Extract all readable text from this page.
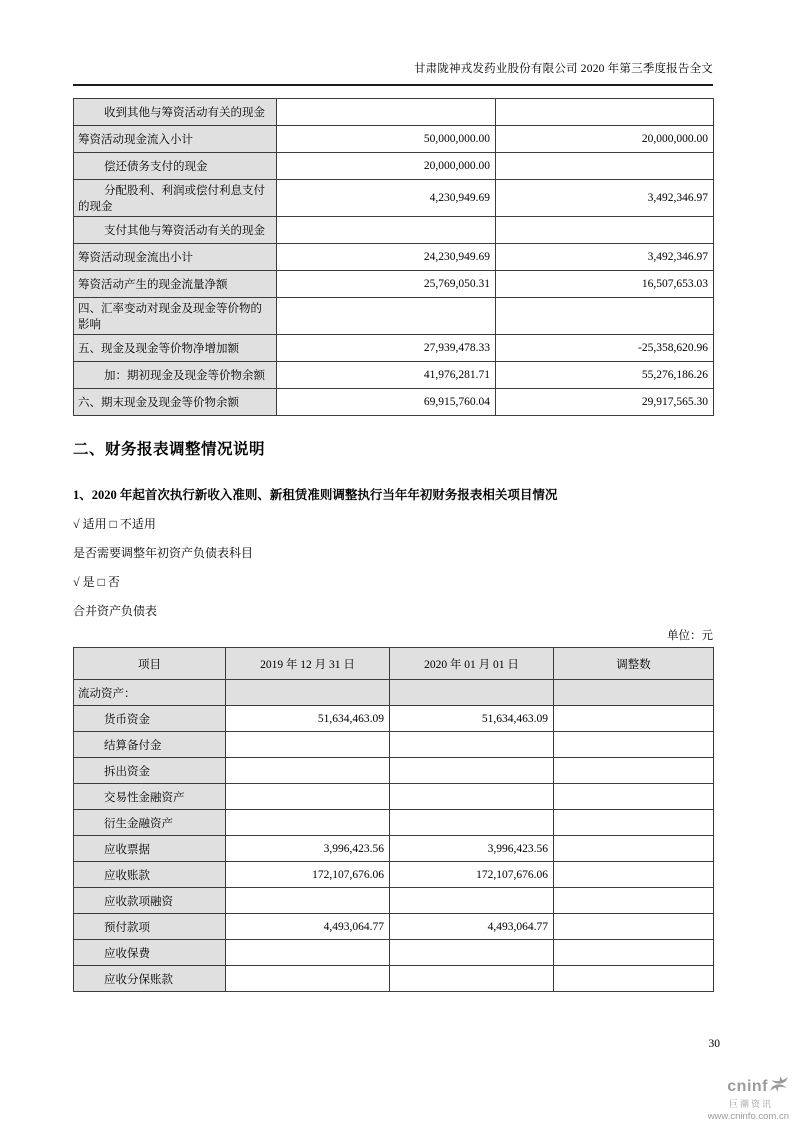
甘肃陇神戎发药业股份有限公司 2020 年第三季度报告全文
收到其他与筹资活动有关的现金		
筹资活动现金流入小计	50,000,000.00	20,000,000.00
偿还债务支付的现金	20,000,000.00	
分配股利、利润或偿付利息支付的现金	4,230,949.69	3,492,346.97
支付其他与筹资活动有关的现金		
筹资活动现金流出小计	24,230,949.69	3,492,346.97
筹资活动产生的现金流量净额	25,769,050.31	16,507,653.03
四、汇率变动对现金及现金等价物的影响		
五、现金及现金等价物净增加额	27,939,478.33	-25,358,620.96
加：期初现金及现金等价物余额	41,976,281.71	55,276,186.26
六、期末现金及现金等价物余额	69,915,760.04	29,917,565.30
二、财务报表调整情况说明
1、2020 年起首次执行新收入准则、新租赁准则调整执行当年年初财务报表相关项目情况
√ 适用 □ 不适用
是否需要调整年初资产负债表科目
√ 是 □ 否
合并资产负债表
单位：元
项目	2019 年 12 月 31 日	2020 年 01 月 01 日	调整数
流动资产：			
货币资金	51,634,463.09	51,634,463.09	
结算备付金			
拆出资金			
交易性金融资产			
衍生金融资产			
应收票据	3,996,423.56	3,996,423.56	
应收账款	172,107,676.06	172,107,676.06	
应收款项融资			
预付款项	4,493,064.77	4,493,064.77	
应收保费			
应收分保账款			
30
cninf
巨潮资讯
www.cninfo.com.cn
